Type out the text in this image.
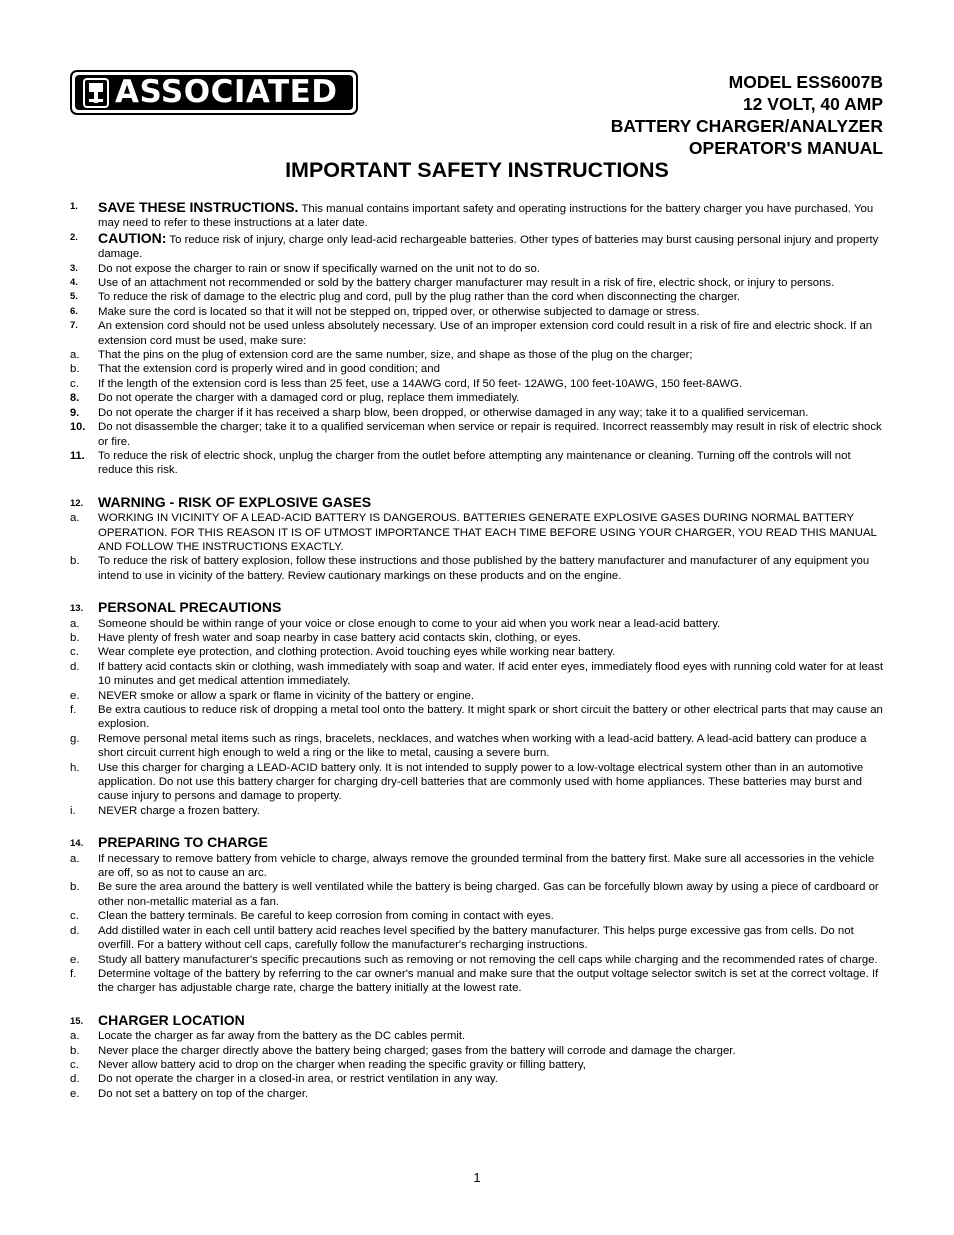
ASSOCIATED	MODEL ESS6007B
12 VOLT, 40 AMP
BATTERY CHARGER/ANALYZER
OPERATOR'S MANUAL
IMPORTANT SAFETY INSTRUCTIONS
1.	SAVE THESE INSTRUCTIONS. This manual contains important safety and operating instructions for the battery charger you have purchased. You may need to refer to these instructions at a later date.
2.	CAUTION: To reduce risk of injury, charge only lead-acid rechargeable batteries. Other types of batteries may burst causing personal injury and property damage.
3.	Do not expose the charger to rain or snow if specifically warned on the unit not to do so.
4.	Use of an attachment not recommended or sold by the battery charger manufacturer may result in a risk of fire, electric shock, or injury to persons.
5.	To reduce the risk of damage to the electric plug and cord, pull by the plug rather than the cord when disconnecting the charger.
6.	Make sure the cord is located so that it will not be stepped on, tripped over, or otherwise subjected to damage or stress.
7.	An extension cord should not be used unless absolutely necessary. Use of an improper extension cord could result in a risk of fire and electric shock. If an extension cord must be used, make sure:
a.	That the pins on the plug of extension cord are the same number, size, and shape as those of the plug on the charger;
b.	That the extension cord is properly wired and in good condition; and
c.	If the length of the extension cord is less than 25 feet, use a 14AWG cord, If 50 feet- 12AWG, 100 feet-10AWG, 150 feet-8AWG.
8.	Do not operate the charger with a damaged cord or plug, replace them immediately.
9.	Do not operate the charger if it has received a sharp blow, been dropped, or otherwise damaged in any way; take it to a qualified serviceman.
10.	Do not disassemble the charger; take it to a qualified serviceman when service or repair is required. Incorrect reassembly may result in risk of electric shock or fire.
11.	To reduce the risk of electric shock, unplug the charger from the outlet before attempting any maintenance or cleaning. Turning off the controls will not reduce this risk.
12.	WARNING - RISK OF EXPLOSIVE GASES
a.	WORKING IN VICINITY OF A LEAD-ACID BATTERY IS DANGEROUS. BATTERIES GENERATE EXPLOSIVE GASES DURING NORMAL BATTERY OPERATION. FOR THIS REASON IT IS OF UTMOST IMPORTANCE THAT EACH TIME BEFORE USING YOUR CHARGER, YOU READ THIS MANUAL AND FOLLOW THE INSTRUCTIONS EXACTLY.
b.	To reduce the risk of battery explosion, follow these instructions and those published by the battery manufacturer and manufacturer of any equipment you intend to use in vicinity of the battery. Review cautionary markings on these products and on the engine.
13.	PERSONAL PRECAUTIONS
a.	Someone should be within range of your voice or close enough to come to your aid when you work near a lead-acid battery.
b.	Have plenty of fresh water and soap nearby in case battery acid contacts skin, clothing, or eyes.
c.	Wear complete eye protection, and clothing protection. Avoid touching eyes while working near battery.
d.	If battery acid contacts skin or clothing, wash immediately with soap and water. If acid enter eyes, immediately flood eyes with running cold water for at least 10 minutes and get medical attention immediately.
e.	NEVER smoke or allow a spark or flame in vicinity of the battery or engine.
f.	Be extra cautious to reduce risk of dropping a metal tool onto the battery. It might spark or short circuit the battery or other electrical parts that may cause an explosion.
g.	Remove personal metal items such as rings, bracelets, necklaces, and watches when working with a lead-acid battery. A lead-acid battery can produce a short circuit current high enough to weld a ring or the like to metal, causing a severe burn.
h.	Use this charger for charging a LEAD-ACID battery only. It is not intended to supply power to a low-voltage electrical system other than in an automotive application. Do not use this battery charger for charging dry-cell batteries that are commonly used with home appliances. These batteries may burst and cause injury to persons and damage to property.
i.	NEVER charge a frozen battery.
14.	PREPARING TO CHARGE
a.	If necessary to remove battery from vehicle to charge, always remove the grounded terminal from the battery first. Make sure all accessories in the vehicle are off, so as not to cause an arc.
b.	Be sure the area around the battery is well ventilated while the battery is being charged. Gas can be forcefully blown away by using a piece of cardboard or other non-metallic material as a fan.
c.	Clean the battery terminals. Be careful to keep corrosion from coming in contact with eyes.
d.	Add distilled water in each cell until battery acid reaches level specified by the battery manufacturer. This helps purge excessive gas from cells. Do not overfill. For a battery without cell caps, carefully follow the manufacturer's recharging instructions.
e.	Study all battery manufacturer's specific precautions such as removing or not removing the cell caps while charging and the recommended rates of charge.
f.	Determine voltage of the battery by referring to the car owner's manual and make sure that the output voltage selector switch is set at the correct voltage. If the charger has adjustable charge rate, charge the battery initially at the lowest rate.
15.	CHARGER LOCATION
a.	Locate the charger as far away from the battery as the DC cables permit.
b.	Never place the charger directly above the battery being charged; gases from the battery will corrode and damage the charger.
c.	Never allow battery acid to drop on the charger when reading the specific gravity or filling battery,
d.	Do not operate the charger in a closed-in area, or restrict ventilation in any way.
e.	Do not set a battery on top of the charger.
1
